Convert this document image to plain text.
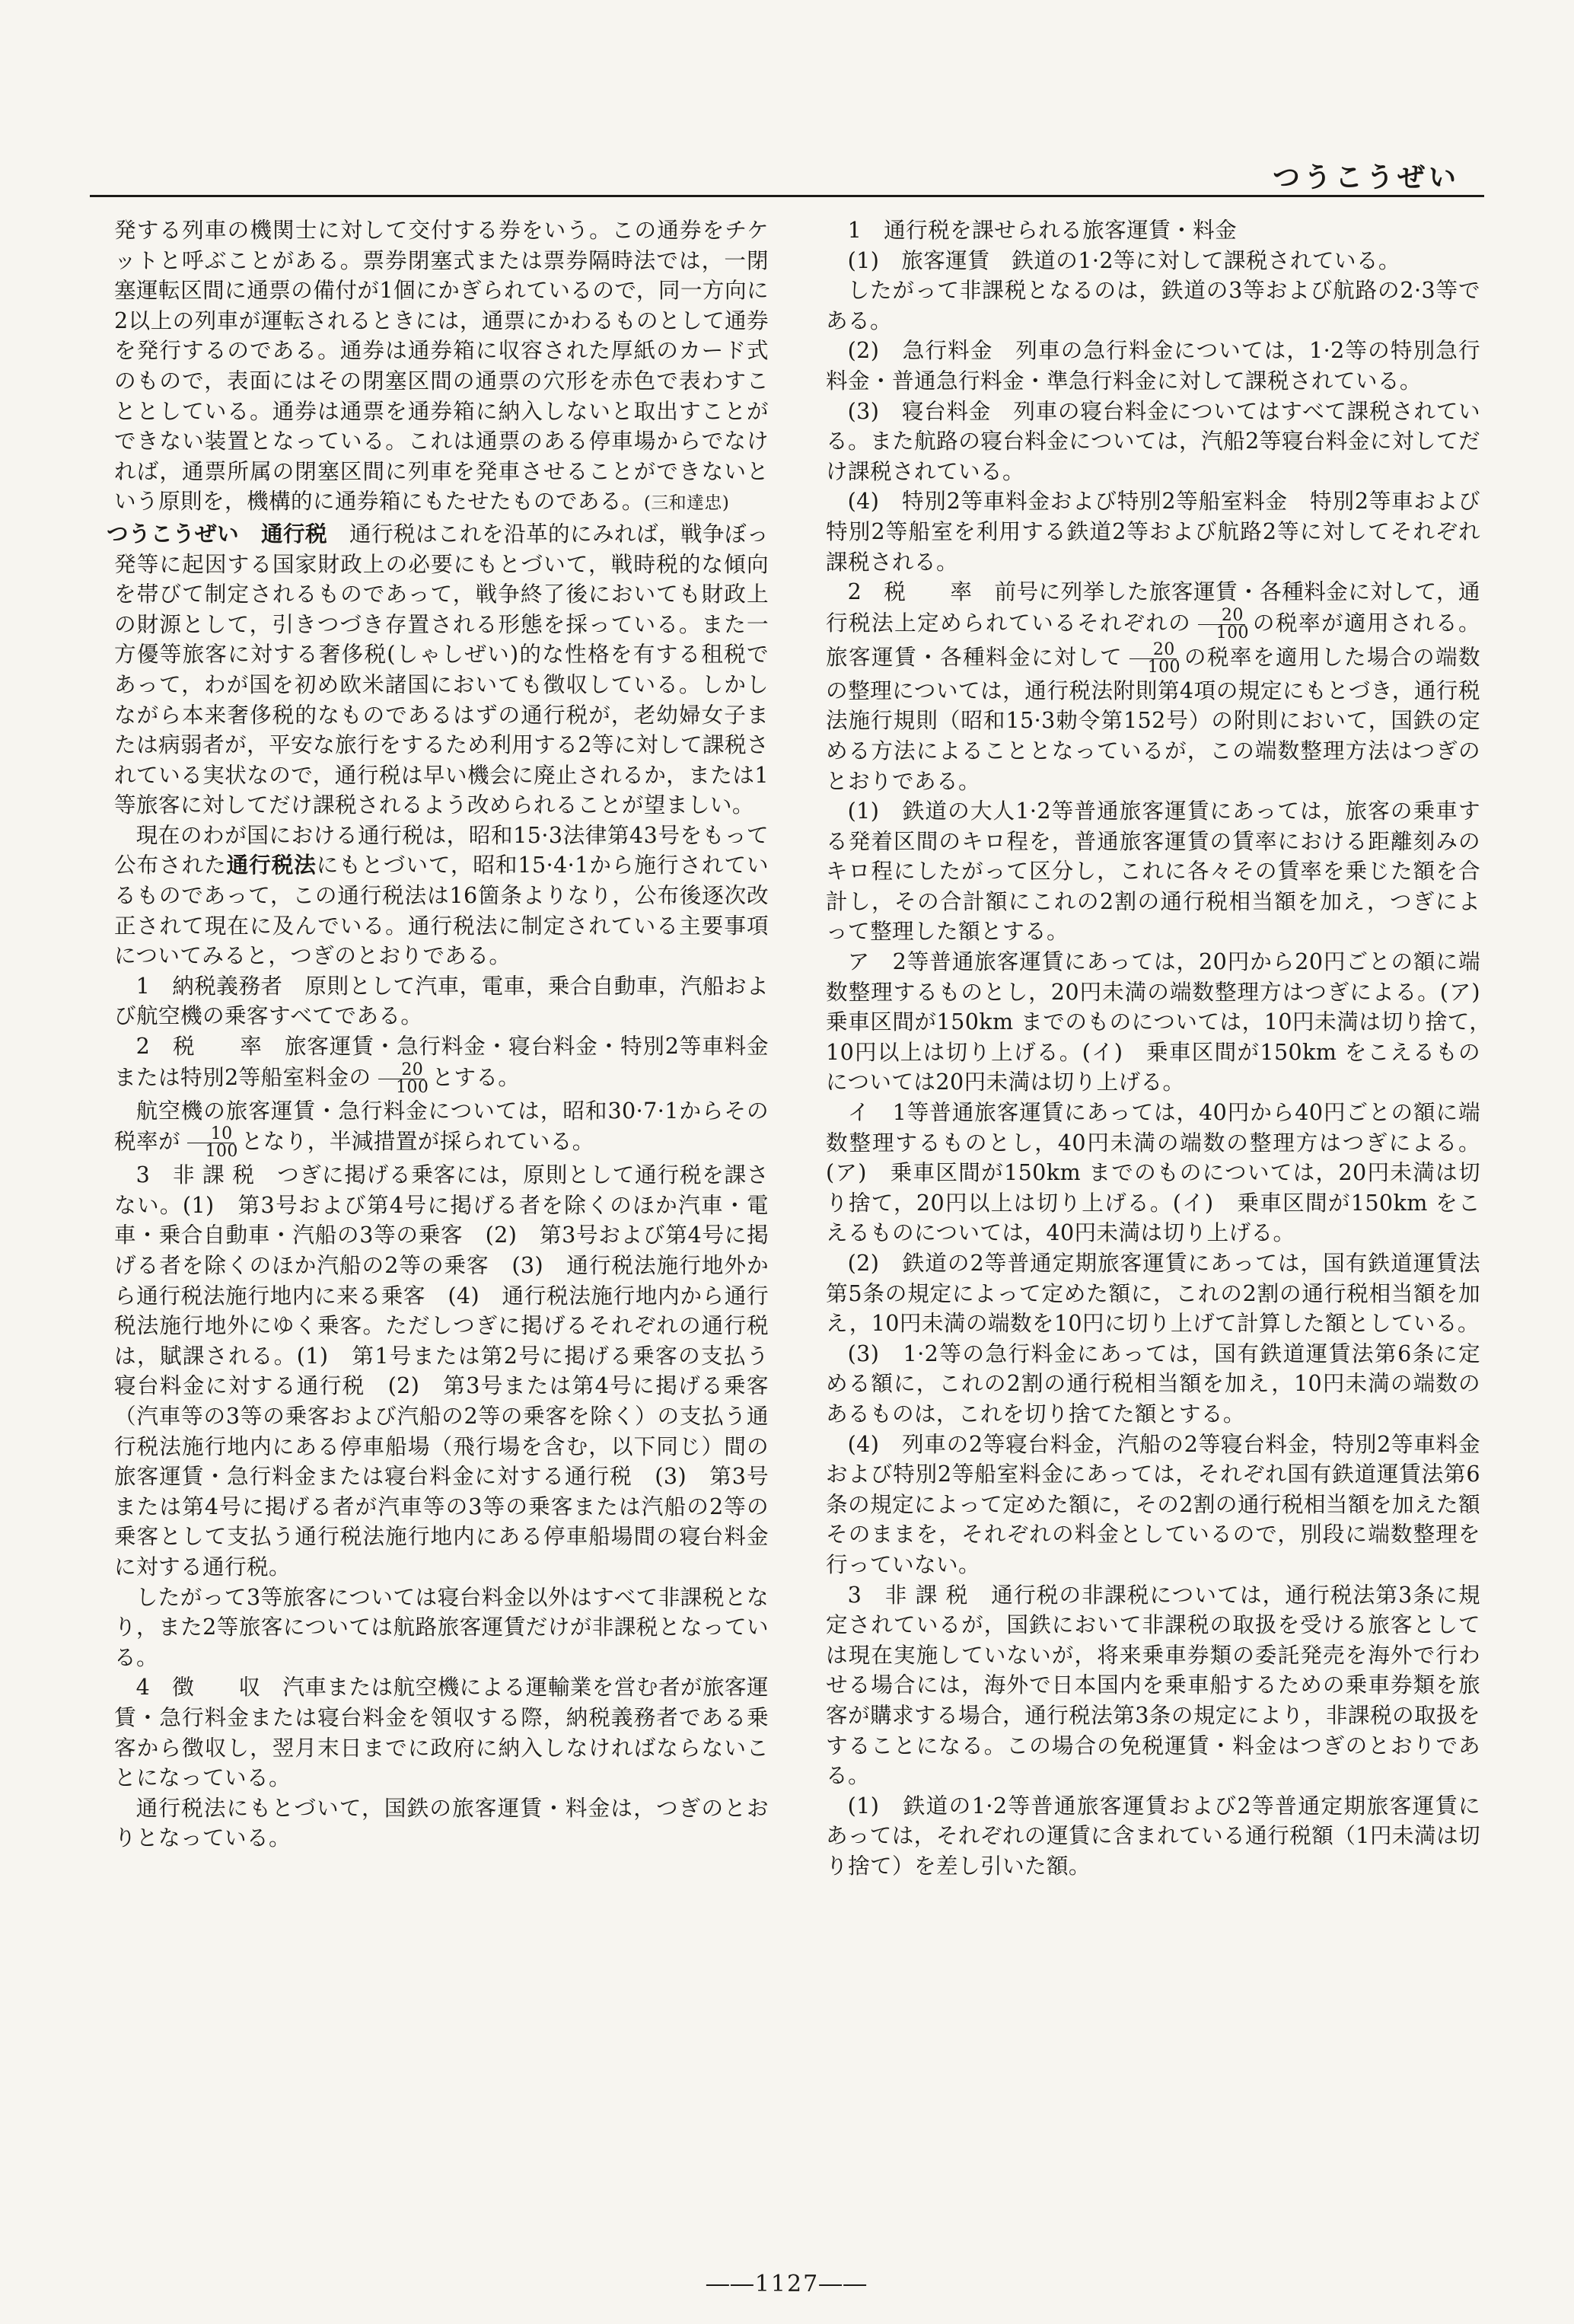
つうこうぜい

発する列車の機関士に対して交付する券をいう。この通券をチケットと呼ぶことがある。票券閉塞式または票券隔時法では，一閉塞運転区間に通票の備付が1個にかぎられているので，同一方向に2以上の列車が運転されるときには，通票にかわるものとして通券を発行するのである。通券は通券箱に収容された厚紙のカード式のもので，表面にはその閉塞区間の通票の穴形を赤色で表わすこととしている。通券は通票を通券箱に納入しないと取出すことができない装置となっている。これは通票のある停車場からでなければ，通票所属の閉塞区間に列車を発車させることができないという原則を，機構的に通券箱にもたせたものである。(三和達忠)

つうこうぜい　通行税　 通行税はこれを沿革的にみれば，戦争ぼっ発等に起因する国家財政上の必要にもとづいて，戦時税的な傾向を帯びて制定されるものであって，戦争終了後においても財政上の財源として，引きつづき存置される形態を採っている。また一方優等旅客に対する奢侈税(しゃしぜい)的な性格を有する租税であって，わが国を初め欧米諸国においても徴収している。しかしながら本来奢侈税的なものであるはずの通行税が，老幼婦女子または病弱者が，平安な旅行をするため利用する2等に対して課税されている実状なので，通行税は早い機会に廃止されるか，または1等旅客に対してだけ課税されるよう改められることが望ましい。

現在のわが国における通行税は，昭和15·3法律第43号をもって公布された通行税法にもとづいて，昭和15·4·1から施行されているものであって，この通行税法は16箇条よりなり，公布後逐次改正されて現在に及んでいる。通行税法に制定されている主要事項についてみると，つぎのとおりである。

1　納税義務者　原則として汽車，電車，乗合自動車，汽船および航空機の乗客すべてである。

2　税　　率　旅客運賃・急行料金・寝台料金・特別2等車料金または特別2等船室料金の $\frac{20}{100}$ とする。

航空機の旅客運賃・急行料金については，昭和30·7·1からその税率が $\frac{10}{100}$ となり，半減措置が採られている。

3　非 課 税　つぎに掲げる乗客には，原則として通行税を課さない。(1)　第3号および第4号に掲げる者を除くのほか汽車・電車・乗合自動車・汽船の3等の乗客　(2)　第3号および第4号に掲げる者を除くのほか汽船の2等の乗客　(3)　通行税法施行地外から通行税法施行地内に来る乗客　(4)　通行税法施行地内から通行税法施行地外にゆく乗客。ただしつぎに掲げるそれぞれの通行税は，賦課される。(1)　第1号または第2号に掲げる乗客の支払う寝台料金に対する通行税　(2)　第3号または第4号に掲げる乗客（汽車等の3等の乗客および汽船の2等の乗客を除く）の支払う通行税法施行地内にある停車船場（飛行場を含む，以下同じ）間の旅客運賃・急行料金または寝台料金に対する通行税　(3)　第3号または第4号に掲げる者が汽車等の3等の乗客または汽船の2等の乗客として支払う通行税法施行地内にある停車船場間の寝台料金に対する通行税。

したがって3等旅客については寝台料金以外はすべて非課税となり，また2等旅客については航路旅客運賃だけが非課税となっている。

4　徴　　収　汽車または航空機による運輸業を営む者が旅客運賃・急行料金または寝台料金を領収する際，納税義務者である乗客から徴収し，翌月末日までに政府に納入しなければならないことになっている。

通行税法にもとづいて，国鉄の旅客運賃・料金は，つぎのとおりとなっている。

1　通行税を課せられる旅客運賃・料金

(1)　旅客運賃　鉄道の1·2等に対して課税されている。

したがって非課税となるのは，鉄道の3等および航路の2·3等である。

(2)　急行料金　列車の急行料金については，1·2等の特別急行料金・普通急行料金・準急行料金に対して課税されている。

(3)　寝台料金　列車の寝台料金についてはすべて課税されている。また航路の寝台料金については，汽船2等寝台料金に対してだけ課税されている。

(4)　特別2等車料金および特別2等船室料金　特別2等車および特別2等船室を利用する鉄道2等および航路2等に対してそれぞれ課税される。

2　税　　率　前号に列挙した旅客運賃・各種料金に対して，通行税法上定められているそれぞれの $\frac{20}{100}$ の税率が適用される。旅客運賃・各種料金に対して $\frac{20}{100}$ の税率を適用した場合の端数の整理については，通行税法附則第4項の規定にもとづき，通行税法施行規則（昭和15·3勅令第152号）の附則において，国鉄の定める方法によることとなっているが，この端数整理方法はつぎのとおりである。

(1)　鉄道の大人1·2等普通旅客運賃にあっては，旅客の乗車する発着区間のキロ程を，普通旅客運賃の賃率における距離刻みのキロ程にしたがって区分し，これに各々その賃率を乗じた額を合計し，その合計額にこれの2割の通行税相当額を加え，つぎによって整理した額とする。

ア　2等普通旅客運賃にあっては，20円から20円ごとの額に端数整理するものとし，20円未満の端数整理方はつぎによる。(ア)　乗車区間が150km までのものについては，10円未満は切り捨て，　10円以上は切り上げる。(イ)　乗車区間が150km をこえるものについては20円未満は切り上げる。

イ　1等普通旅客運賃にあっては，40円から40円ごとの額に端数整理するものとし，40円未満の端数の整理方はつぎによる。(ア)　乗車区間が150km までのものについては，20円未満は切り捨て，20円以上は切り上げる。(イ)　乗車区間が150km をこえるものについては，40円未満は切り上げる。

(2)　鉄道の2等普通定期旅客運賃にあっては，国有鉄道運賃法第5条の規定によって定めた額に，これの2割の通行税相当額を加え，10円未満の端数を10円に切り上げて計算した額としている。

(3)　1·2等の急行料金にあっては，国有鉄道運賃法第6条に定める額に，これの2割の通行税相当額を加え，10円未満の端数のあるものは，これを切り捨てた額とする。

(4)　列車の2等寝台料金，汽船の2等寝台料金，特別2等車料金および特別2等船室料金にあっては，それぞれ国有鉄道運賃法第6条の規定によって定めた額に，その2割の通行税相当額を加えた額そのままを，それぞれの料金としているので，別段に端数整理を行っていない。

3　非 課 税　通行税の非課税については，通行税法第3条に規定されているが，国鉄において非課税の取扱を受ける旅客としては現在実施していないが，将来乗車券類の委託発売を海外で行わせる場合には，海外で日本国内を乗車船するための乗車券類を旅客が購求する場合，通行税法第3条の規定により，非課税の取扱をすることになる。この場合の免税運賃・料金はつぎのとおりである。

(1)　鉄道の1·2等普通旅客運賃および2等普通定期旅客運賃にあっては，それぞれの運賃に含まれている通行税額（1円未満は切り捨て）を差し引いた額。

――1127――
